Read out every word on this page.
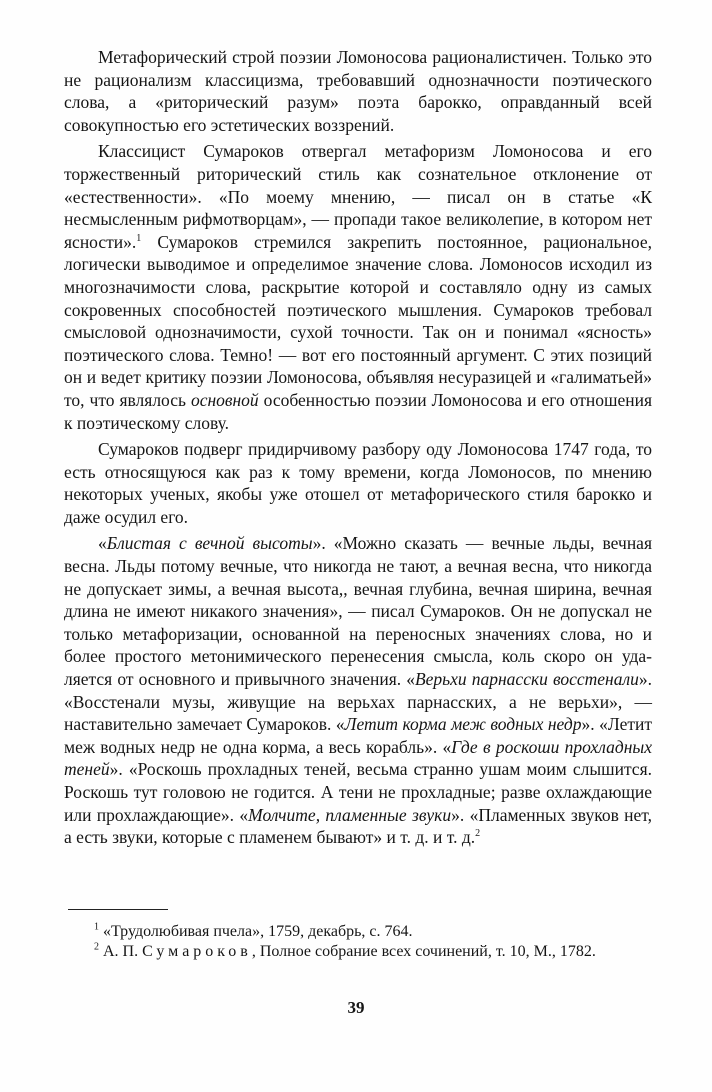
Метафорический строй поэзии Ломоносова рационалистичен. Только это не рационализм классицизма, требовавший однозначности поэтического слова, а «риторический разум» поэта барокко, оправданный всей совокупностью его эстетических воззрений.

Классицист Сумароков отвергал метафоризм Ломоносова и его торжественный риторический стиль как сознательное отклонение от «естественности». «По моему мнению, — писал он в статье «К несмысленным рифмотворцам», — пропади такое великолепие, в котором нет ясности».$^1$ Сумароков стремился закрепить постоянное, рациональное, логически выводимое и определимое значение слова. Ломоносов исходил из многозначимости слова, раскрытие которой и составляло одну из самых сокровенных способностей поэтического мышления. Сумароков требовал смысловой однозначимости, сухой точности. Так он и понимал «ясность» поэтического слова. Темно! — вот его постоянный аргумент. С этих позиций он и ведет критику поэзии Ломоносова, объявляя несуразицей и «галиматьей» то, что являлось основной особенностью поэзии Ломоносова и его отношения к поэтическому слову.

Сумароков подверг придирчивому разбору оду Ломоносова 1747 года, то есть относящуюся как раз к тому времени, когда Ломоносов, по мнению некоторых ученых, якобы уже отошел от метафорического стиля барокко и даже осудил его.

«Блистая с вечной высоты». «Можно сказать — вечные льды, вечная весна. Льды потому вечные, что никогда не тают, а вечная весна, что никогда не допускает зимы, а вечная высота,, вечная глубина, вечная ширина, вечная длина не имеют никакого значения», — писал Сумароков. Он не допускал не только метафоризации, основанной на переносных значениях слова, но и более простого метонимического перенесения смысла, коль скоро он удаляется от основного и привычного значения. «Верьхи парнасски восстенали». «Восстенали музы, живущие на верьхах парнасских, а не верьхи», — наставительно замечает Сумароков. «Летит корма меж водных недр». «Летит меж водных недр не одна корма, а весь корабль». «Где в роскоши прохладных теней». «Роскошь прохладных теней, весьма странно ушам моим слышится. Роскошь тут головою не годится. А тени не прохладные; разве охлаждающие или прохлаждающие». «Молчите, пламенные звуки». «Пламенных звуков нет, а есть звуки, которые с пламенем бывают» и т. д. и т. д.$^2$

$^1$ «Трудолюбивая пчела», 1759, декабрь, с. 764.

$^2$ А. П. Сумароков, Полное собрание всех сочинений, т. 10, М., 1782.

39
